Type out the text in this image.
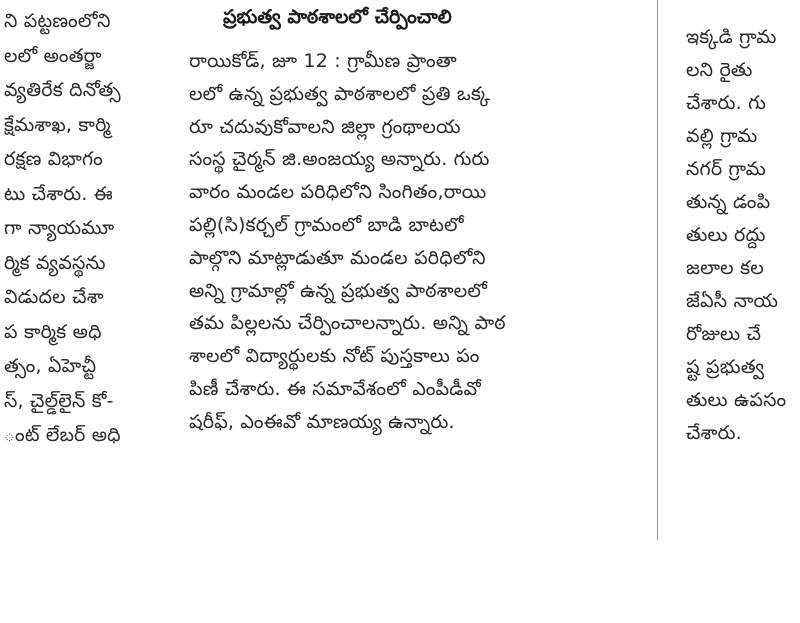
ని పట్టణంలోని
లలో అంతర్జా
వ్యతిరేక దినోత్స
క్షేమశాఖ, కార్మి
రక్షణ విభాగం
టు చేశారు. ఈ
గా న్యాయమూ
ర్మిక వ్యవస్థను
విడుదల చేశా
ప కార్మిక అధి
త్సం, ఏహెచ్టీ
స్, చైల్డ్‌లైన్ కో-
ంట్ లేబర్ అధి
ప్రభుత్వ పాఠశాలలో చేర్పించాలి
రాయికోడ్, జూ 12 : గ్రామీణ ప్రాంతా
లలో ఉన్న ప్రభుత్వ పాఠశాలలో ప్రతి ఒక్క
రూ చదువుకోవాలని జిల్లా గ్రంథాలయ
సంస్థ చైర్మన్ జి.అంజయ్య అన్నారు. గురు
వారం మండల పరిధిలోని సింగితం,రాయి
పల్లి(సి)కర్చల్ గ్రామంలో బాడి బాటలో
పాల్గొని మాట్లాడుతూ మండల పరిధిలోని
అన్ని గ్రామాల్లో ఉన్న ప్రభుత్వ పాఠశాలలో
తమ పిల్లలను చేర్పించాలన్నారు. అన్ని పాఠ
శాలలో విద్యార్థులకు నోట్ పుస్తకాలు పం
పిణీ చేశారు. ఈ సమావేశంలో ఎంపీడీవో
షరీఫ్, ఎంఈవో మాణయ్య ఉన్నారు.
ఇక్కడి గ్రామ
లని రైతు
చేశారు. గు
వల్లి గ్రామ
నగర్ గ్రామ
తున్న డంపి
తులు రద్దు
జలాల కల
జేఏసీ నాయ
రోజులు చే
ష్ట ప్రభుత్వ
తులు ఉపసం
చేశారు.
